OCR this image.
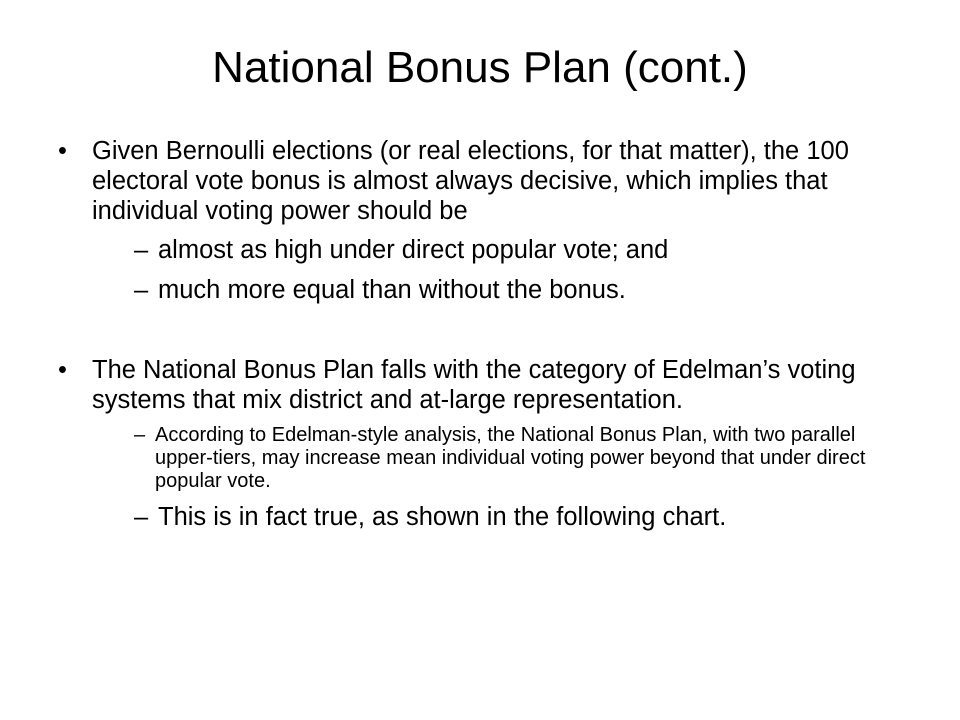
National Bonus Plan (cont.)
• Given Bernoulli elections (or real elections, for that matter), the 100 electoral vote bonus is almost always decisive, which implies that individual voting power should be
– almost as high under direct popular vote; and
– much more equal than without the bonus.
• The National Bonus Plan falls with the category of Edelman’s voting systems that mix district and at-large representation.
– According to Edelman-style analysis, the National Bonus Plan, with two parallel upper-tiers, may increase mean individual voting power beyond that under direct popular vote.
– This is in fact true, as shown in the following chart.
